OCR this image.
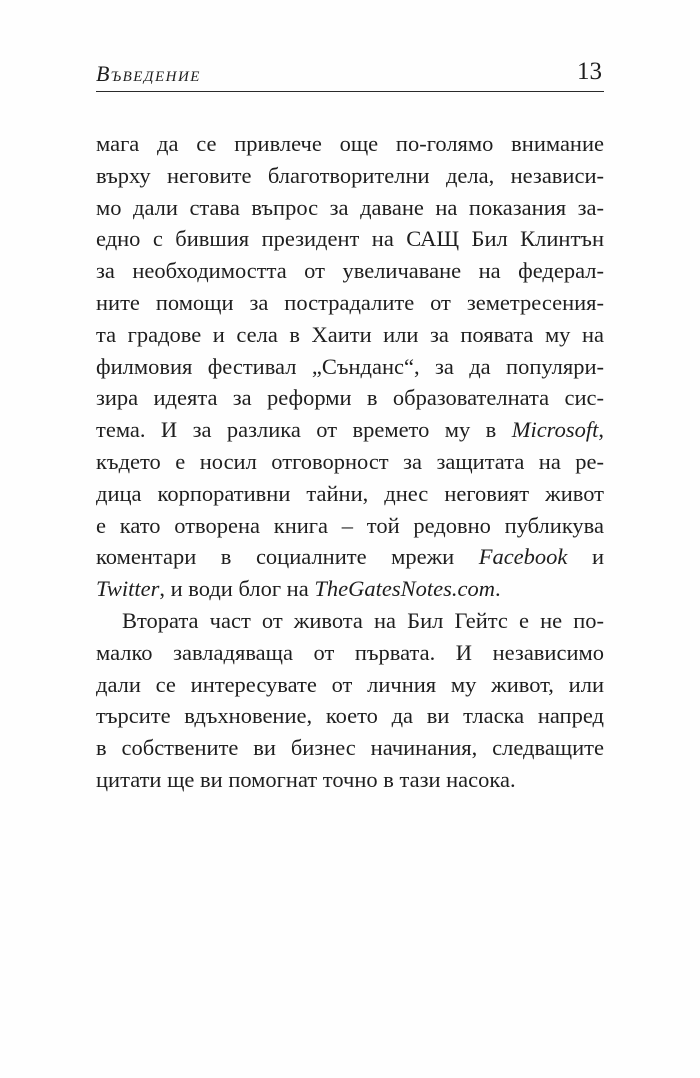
Въведение	13
мага да се привлече още по-голямо внимание
върху неговите благотворителни дела, независи-
мо дали става въпрос за даване на показания за-
едно с бившия президент на САЩ Бил Клинтън
за необходимостта от увеличаване на федерал-
ните помощи за пострадалите от земетресения-
та градове и села в Хаити или за появата му на
филмовия фестивал „Сънданс“, за да популяри-
зира идеята за реформи в образователната сис-
тема. И за разлика от времето му в Microsoft,
където е носил отговорност за защитата на ре-
дица корпоративни тайни, днес неговият живот
е като отворена книга – той редовно публикува
коментари в социалните мрежи Facebook и
Twitter, и води блог на TheGatesNotes.com.
Втората част от живота на Бил Гейтс е не по-
малко завладяваща от първата. И независимо
дали се интересувате от личния му живот, или
търсите вдъхновение, което да ви тласка напред
в собствените ви бизнес начинания, следващите
цитати ще ви помогнат точно в тази насока.
